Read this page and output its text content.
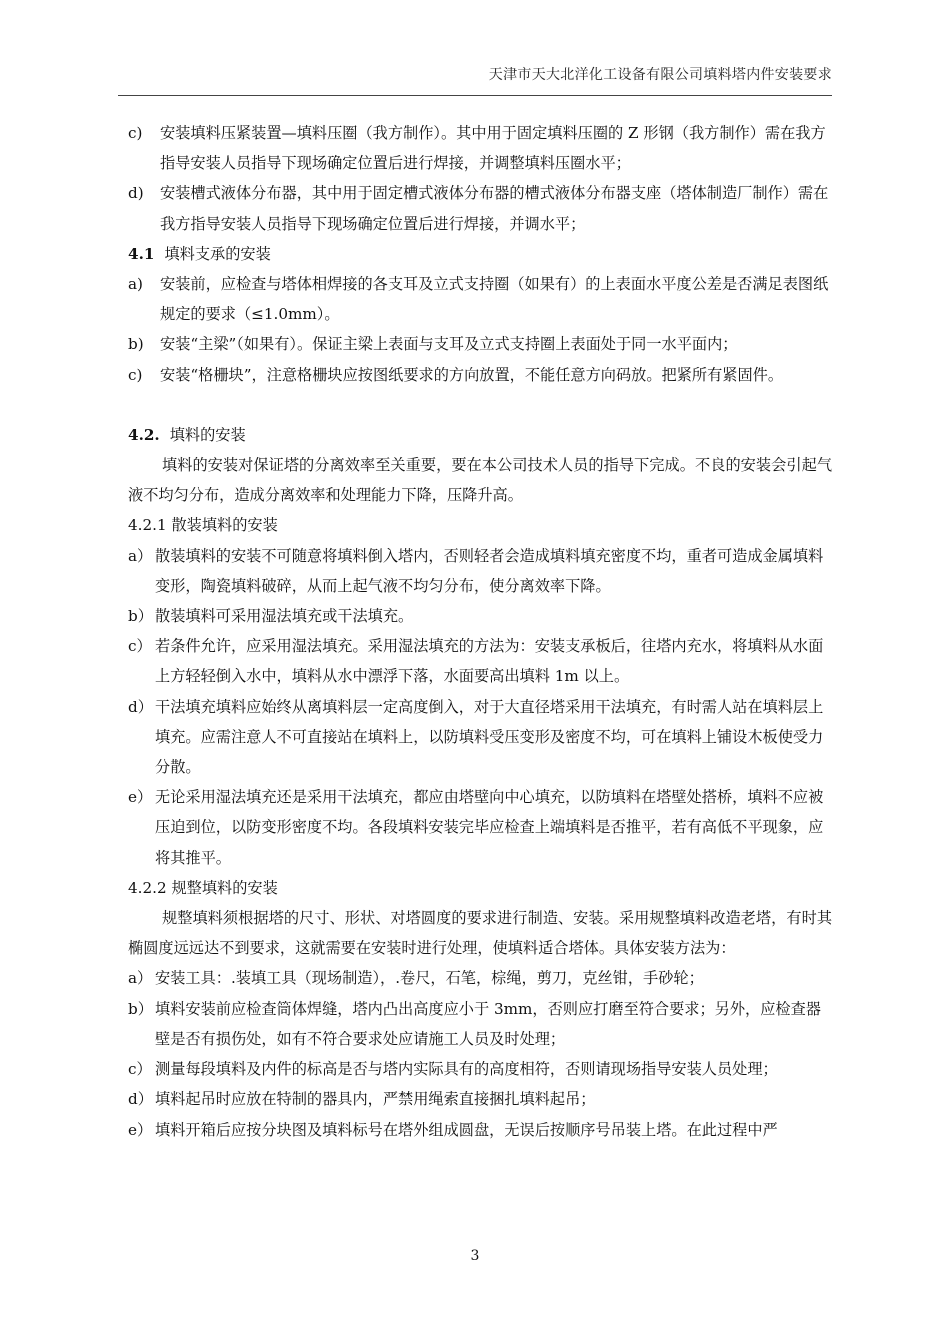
天津市天大北洋化工设备有限公司填料塔内件安装要求

c) 安装填料压紧装置—填料压圈（我方制作）。其中用于固定填料压圈的 Z 形钢（我方制作）需在我方指导安装人员指导下现场确定位置后进行焊接，并调整填料压圈水平；

d) 安装槽式液体分布器，其中用于固定槽式液体分布器的槽式液体分布器支座（塔体制造厂制作）需在我方指导安装人员指导下现场确定位置后进行焊接，并调水平；

4.1 填料支承的安装

a) 安装前，应检查与塔体相焊接的各支耳及立式支持圈（如果有）的上表面水平度公差是否满足表图纸规定的要求（≤1.0mm）。

b) 安装“主梁”（如果有）。保证主梁上表面与支耳及立式支持圈上表面处于同一水平面内；

c) 安装“格栅块”，注意格栅块应按图纸要求的方向放置，不能任意方向码放。把紧所有紧固件。

4.2. 填料的安装

填料的安装对保证塔的分离效率至关重要，要在本公司技术人员的指导下完成。不良的安装会引起气液不均匀分布，造成分离效率和处理能力下降，压降升高。

4.2.1 散装填料的安装

a） 散装填料的安装不可随意将填料倒入塔内，否则轻者会造成填料填充密度不均，重者可造成金属填料变形，陶瓷填料破碎，从而上起气液不均匀分布，使分离效率下降。

b） 散装填料可采用湿法填充或干法填充。

c） 若条件允许，应采用湿法填充。采用湿法填充的方法为：安装支承板后，往塔内充水，将填料从水面上方轻轻倒入水中，填料从水中漂浮下落，水面要高出填料 1m 以上。

d） 干法填充填料应始终从离填料层一定高度倒入，对于大直径塔采用干法填充，有时需人站在填料层上填充。应需注意人不可直接站在填料上，以防填料受压变形及密度不均，可在填料上铺设木板使受力分散。

e） 无论采用湿法填充还是采用干法填充，都应由塔壁向中心填充，以防填料在塔壁处搭桥，填料不应被压迫到位，以防变形密度不均。各段填料安装完毕应检查上端填料是否推平，若有高低不平现象，应将其推平。

4.2.2 规整填料的安装

规整填料须根据塔的尺寸、形状、对塔圆度的要求进行制造、安装。采用规整填料改造老塔，有时其椭圆度远远达不到要求，这就需要在安装时进行处理，使填料适合塔体。具体安装方法为：

a） 安装工具：.装填工具（现场制造），.卷尺，石笔，棕绳，剪刀，克丝钳，手砂轮；

b） 填料安装前应检查筒体焊缝，塔内凸出高度应小于 3mm，否则应打磨至符合要求；另外，应检查器壁是否有损伤处，如有不符合要求处应请施工人员及时处理；

c） 测量每段填料及内件的标高是否与塔内实际具有的高度相符，否则请现场指导安装人员处理；

d） 填料起吊时应放在特制的器具内，严禁用绳索直接捆扎填料起吊；

e） 填料开箱后应按分块图及填料标号在塔外组成圆盘，无误后按顺序号吊装上塔。在此过程中严

3
